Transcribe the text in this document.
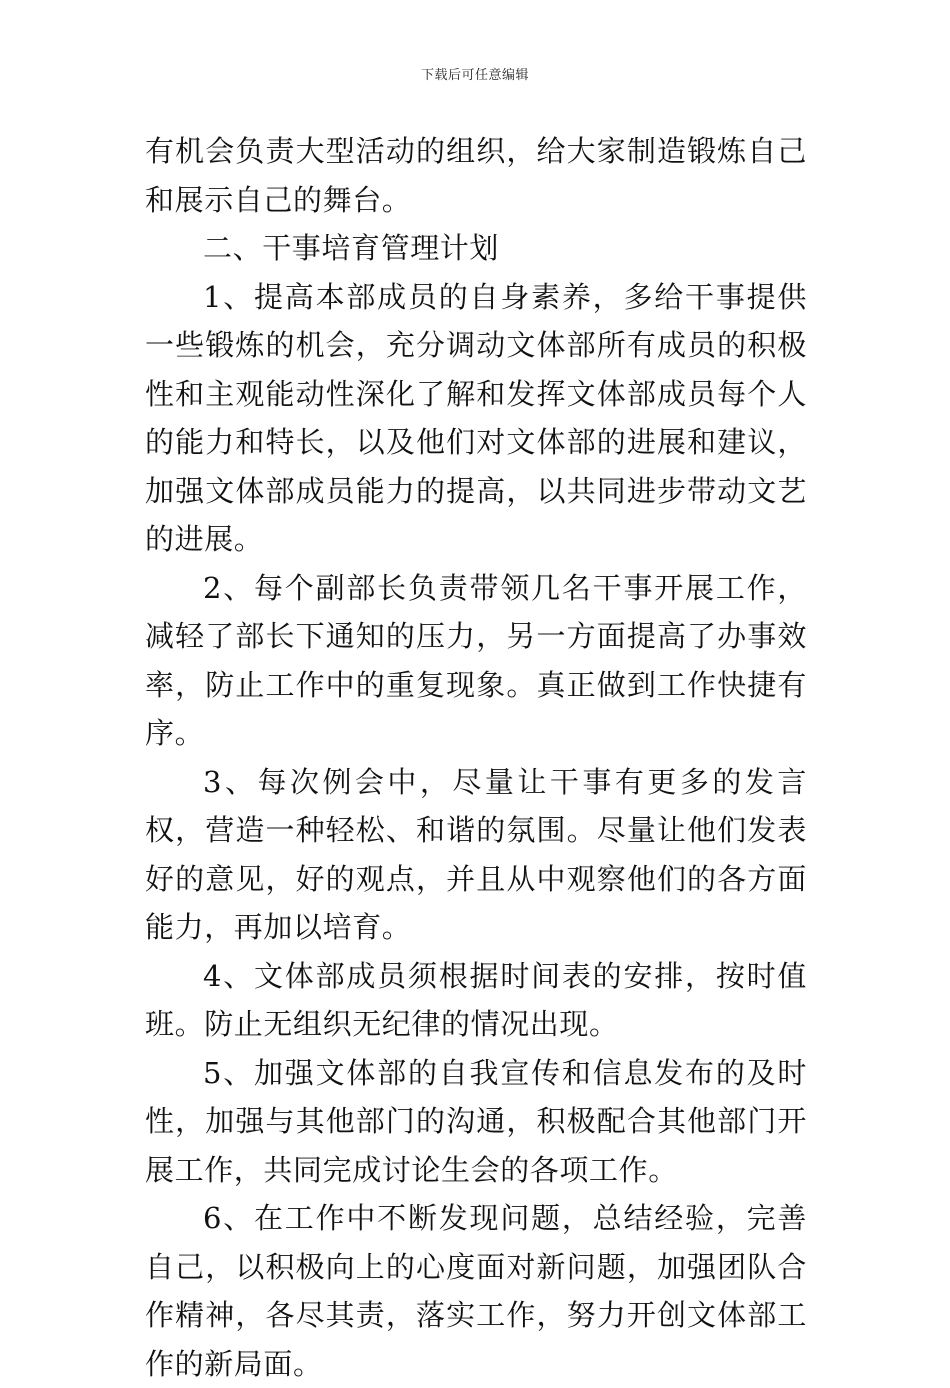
下载后可任意编辑

有机会负责大型活动的组织，给大家制造锻炼自己和展示自己的舞台。

二、干事培育管理计划

1、提高本部成员的自身素养，多给干事提供一些锻炼的机会，充分调动文体部所有成员的积极性和主观能动性深化了解和发挥文体部成员每个人的能力和特长，以及他们对文体部的进展和建议，加强文体部成员能力的提高，以共同进步带动文艺的进展。

2、每个副部长负责带领几名干事开展工作，减轻了部长下通知的压力，另一方面提高了办事效率，防止工作中的重复现象。真正做到工作快捷有序。

3、每次例会中，尽量让干事有更多的发言权，营造一种轻松、和谐的氛围。尽量让他们发表好的意见，好的观点，并且从中观察他们的各方面能力，再加以培育。

4、文体部成员须根据时间表的安排，按时值班。防止无组织无纪律的情况出现。

5、加强文体部的自我宣传和信息发布的及时性，加强与其他部门的沟通，积极配合其他部门开展工作，共同完成讨论生会的各项工作。

6、在工作中不断发现问题，总结经验，完善自己，以积极向上的心度面对新问题，加强团队合作精神，各尽其责，落实工作，努力开创文体部工作的新局面。
